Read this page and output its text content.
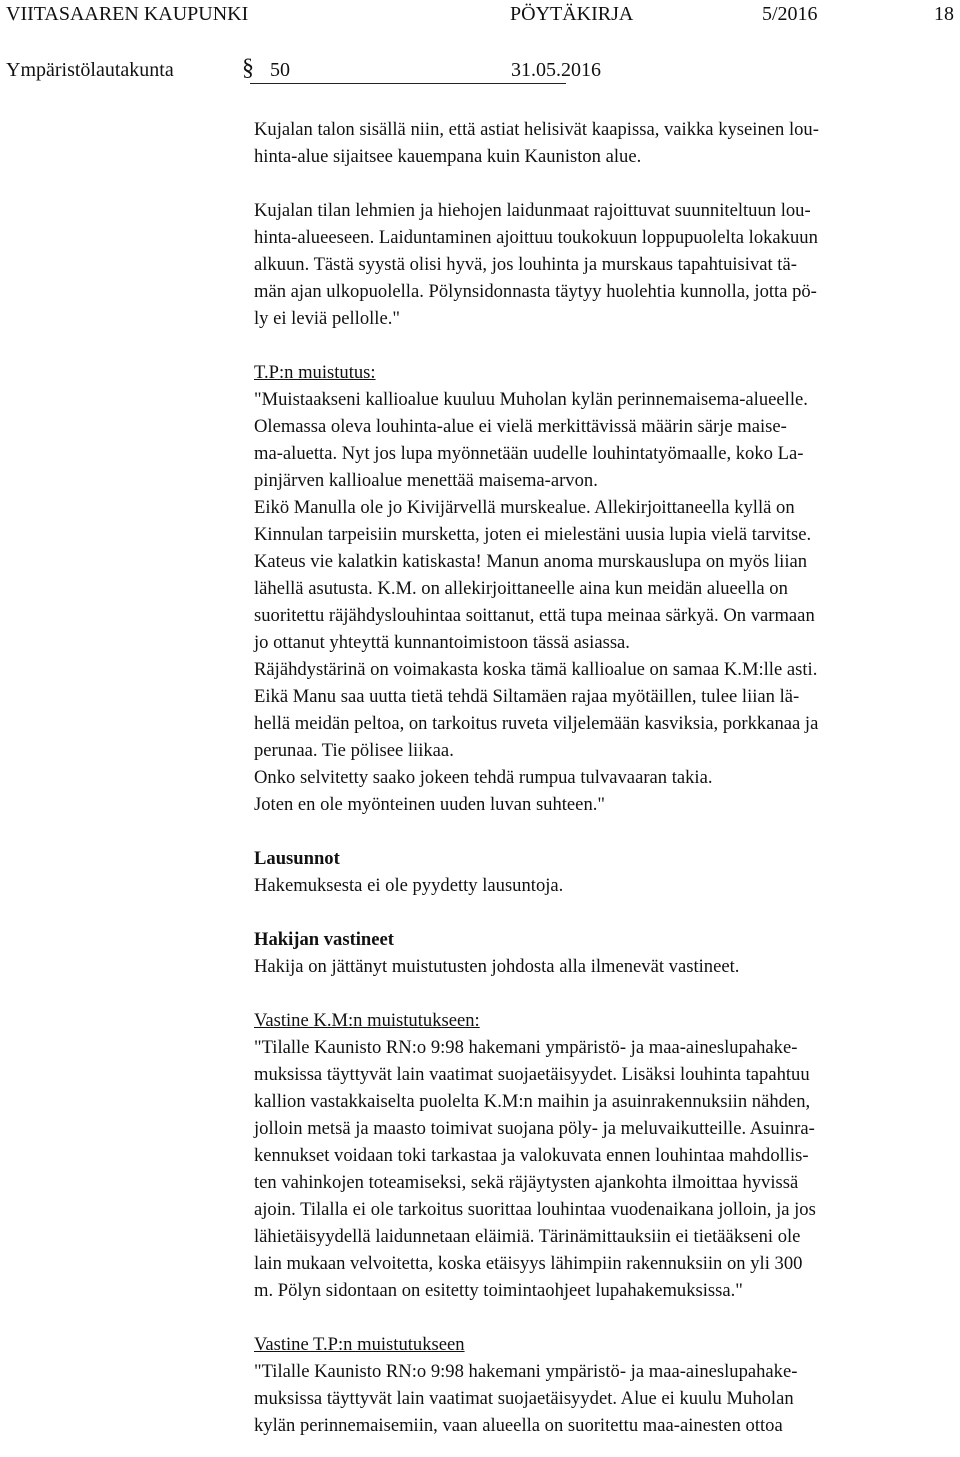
VIITASAAREN KAUPUNKI	PÖYTÄKIRJA	5/2016	18
Ympäristölautakunta	§ 50	31.05.2016

Kujalan talon sisällä niin, että astiat helisivät kaapissa, vaikka kyseinen lou-

hinta-alue sijaitsee kauempana kuin Kauniston alue.

Kujalan tilan lehmien ja hiehojen laidunmaat rajoittuvat suunniteltuun lou-

hinta-alueeseen. Laiduntaminen ajoittuu toukokuun loppupuolelta lokakuun

alkuun. Tästä syystä olisi hyvä, jos louhinta ja murskaus tapahtuisivat tä-

män ajan ulkopuolella. Pölynsidonnasta täytyy huolehtia kunnolla, jotta pö-

ly ei leviä pellolle."

T.P:n muistutus:

"Muistaakseni kallioalue kuuluu Muholan kylän perinnemaisema-alueelle.

Olemassa oleva louhinta-alue ei vielä merkittävissä määrin särje maise-

ma-aluetta. Nyt jos lupa myönnetään uudelle louhintatyömaalle, koko La-

pinjärven kallioalue menettää maisema-arvon.

Eikö Manulla ole jo Kivijärvellä murskealue. Allekirjoittaneella kyllä on

Kinnulan tarpeisiin mursketta, joten ei mielestäni uusia lupia vielä tarvitse.

Kateus vie kalatkin katiskasta! Manun anoma murskauslupa on myös liian

lähellä asutusta. K.M. on allekirjoittaneelle aina kun meidän alueella on

suoritettu räjähdyslouhintaa soittanut, että tupa meinaa särkyä. On varmaan

jo ottanut yhteyttä kunnantoimistoon tässä asiassa.

Räjähdystärinä on voimakasta koska tämä kallioalue on samaa K.M:lle asti.

Eikä Manu saa uutta tietä tehdä Siltamäen rajaa myötäillen, tulee liian lä-

hellä meidän peltoa, on tarkoitus ruveta viljelemään kasviksia, porkkanaa ja

perunaa. Tie pölisee liikaa.

Onko selvitetty saako jokeen tehdä rumpua tulvavaaran takia.

Joten en ole myönteinen uuden luvan suhteen."

Lausunnot

Hakemuksesta ei ole pyydetty lausuntoja.

Hakijan vastineet

Hakija on jättänyt muistutusten johdosta alla ilmenevät vastineet.

Vastine K.M:n muistutukseen:

"Tilalle Kaunisto RN:o 9:98 hakemani ympäristö- ja maa-aineslupahake-

muksissa täyttyvät lain vaatimat suojaetäisyydet. Lisäksi louhinta tapahtuu

kallion vastakkaiselta puolelta K.M:n maihin ja asuinrakennuksiin nähden,

jolloin metsä ja maasto toimivat suojana pöly- ja meluvaikutteille. Asuinra-

kennukset voidaan toki tarkastaa ja valokuvata ennen louhintaa mahdollis-

ten vahinkojen toteamiseksi, sekä räjäytysten ajankohta ilmoittaa hyvissä

ajoin. Tilalla ei ole tarkoitus suorittaa louhintaa vuodenaikana jolloin, ja jos

lähietäisyydellä laidunnetaan eläimiä. Tärinämittauksiin ei tietääkseni ole

lain mukaan velvoitetta, koska etäisyys lähimpiin rakennuksiin on yli 300

m. Pölyn sidontaan on esitetty toimintaohjeet lupahakemuksissa."

Vastine T.P:n muistutukseen

"Tilalle Kaunisto RN:o 9:98 hakemani ympäristö- ja maa-aineslupahake-

muksissa täyttyvät lain vaatimat suojaetäisyydet. Alue ei kuulu Muholan

kylän perinnemaisemiin, vaan alueella on suoritettu maa-ainesten ottoa
